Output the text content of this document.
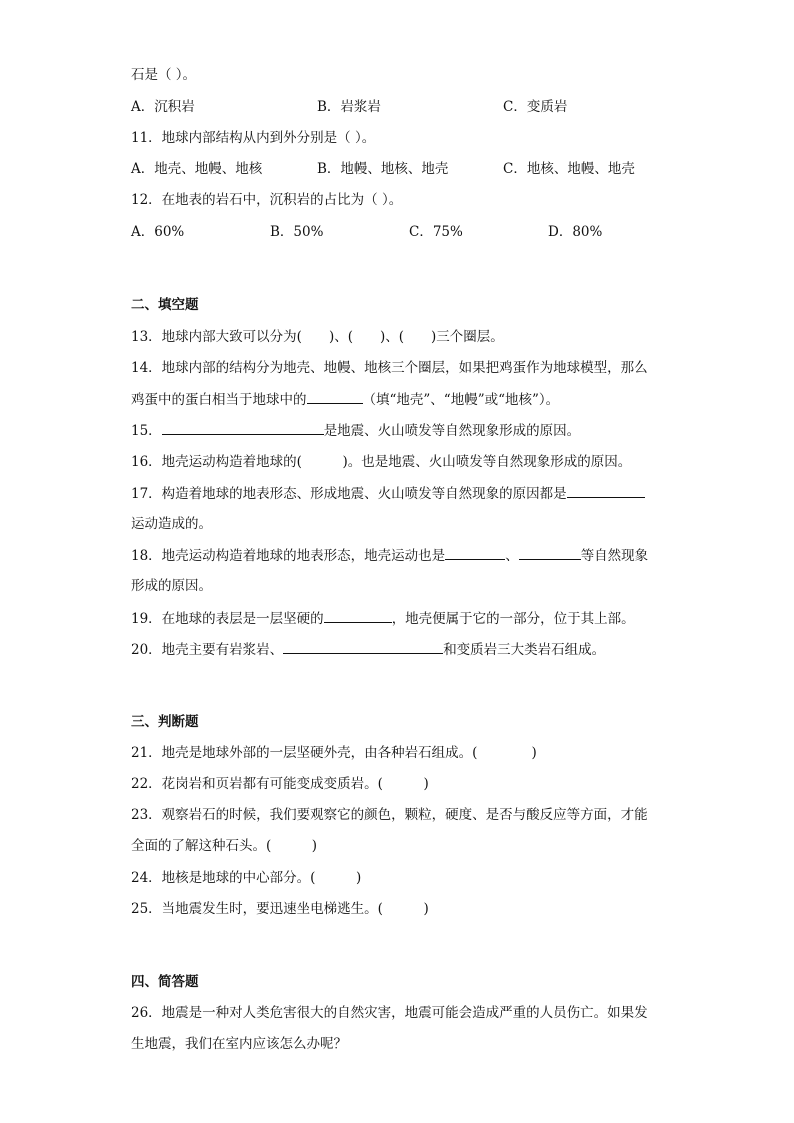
石是（ ）。
A．沉积岩	B．岩浆岩	C．变质岩
11．地球内部结构从内到外分别是（ ）。
A．地壳、地幔、地核	B．地幔、地核、地壳	C．地核、地幔、地壳
12．在地表的岩石中，沉积岩的占比为（ ）。
A．60%	B．50%	C．75%	D．80%
二、填空题
13．地球内部大致可以分为(　　)、(　　)、(　　)三个圈层。
14．地球内部的结构分为地壳、地幔、地核三个圈层，如果把鸡蛋作为地球模型，那么
鸡蛋中的蛋白相当于地球中的	（填“地壳”、“地幔”或“地核”）。
15．	是地震、火山喷发等自然现象形成的原因。
16．地壳运动构造着地球的(　　　)。也是地震、火山喷发等自然现象形成的原因。
17．构造着地球的地表形态、形成地震、火山喷发等自然现象的原因都是
运动造成的。
18．地壳运动构造着地球的地表形态，地壳运动也是	、	等自然现象
形成的原因。
19．在地球的表层是一层坚硬的	，地壳便属于它的一部分，位于其上部。
20．地壳主要有岩浆岩、	和变质岩三大类岩石组成。
三、判断题
21．地壳是地球外部的一层坚硬外壳，由各种岩石组成。(　　　　)
22．花岗岩和页岩都有可能变成变质岩。(　　　)
23．观察岩石的时候，我们要观察它的颜色，颗粒，硬度、是否与酸反应等方面，才能
全面的了解这种石头。(　　　)
24．地核是地球的中心部分。(　　　)
25．当地震发生时，要迅速坐电梯逃生。(　　　)
四、简答题
26．地震是一种对人类危害很大的自然灾害，地震可能会造成严重的人员伤亡。如果发
生地震，我们在室内应该怎么办呢？
